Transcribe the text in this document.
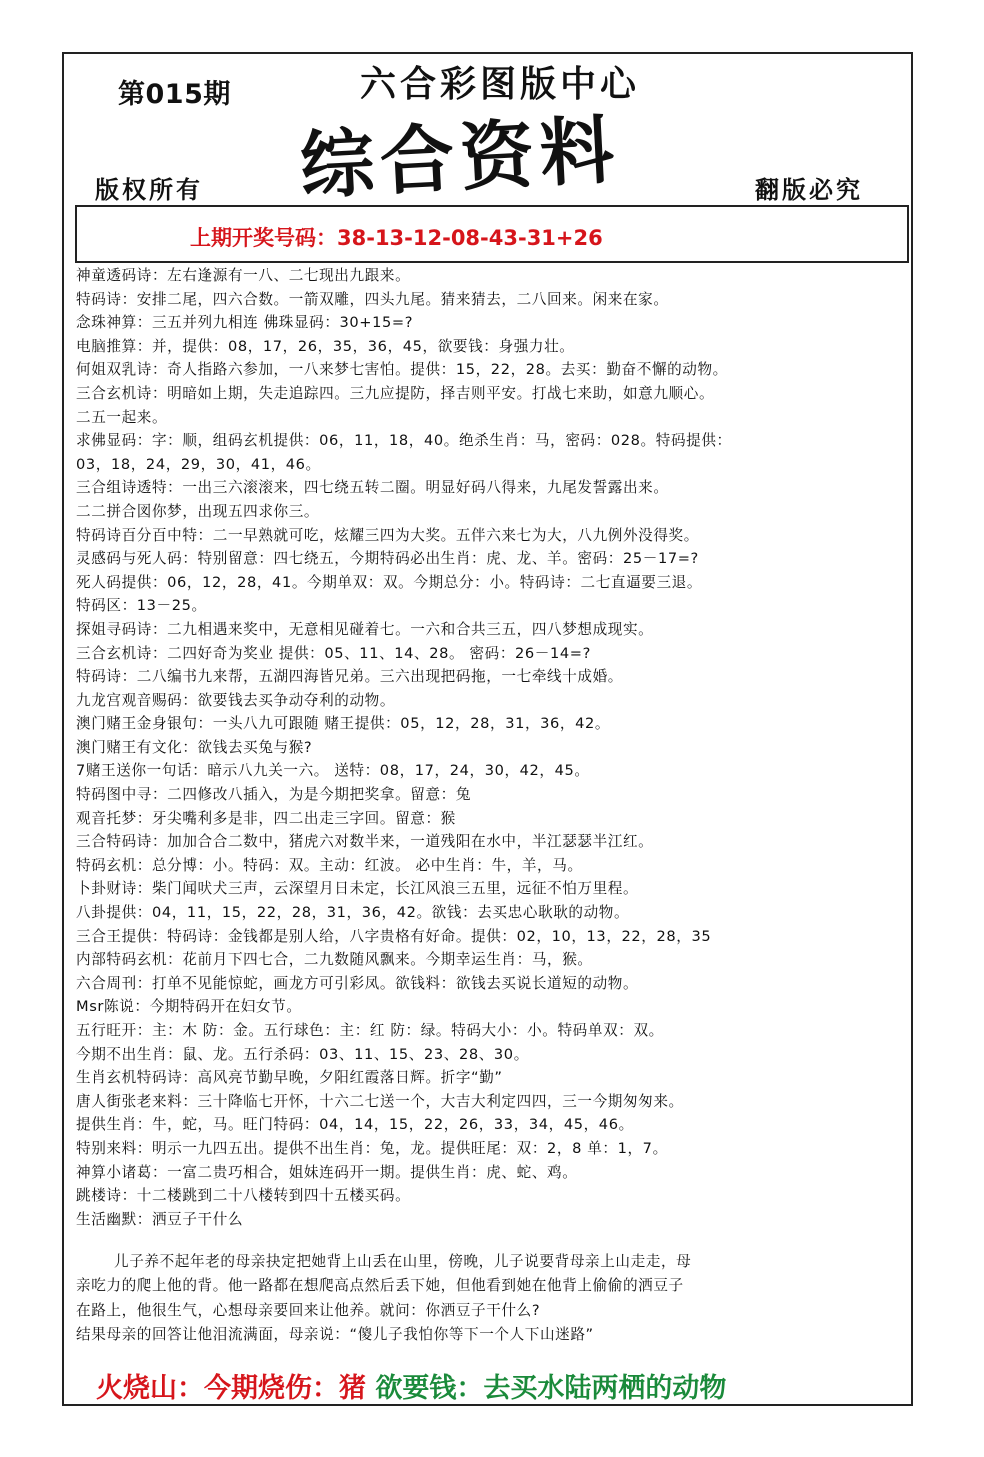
第015期	六合彩图版中心
综合资料
版权所有	翻版必究
上期开奖号码：38-13-12-08-43-31+26
神童透码诗：左右逢源有一八、二七现出九跟来。
特码诗：安排二尾，四六合数。一箭双雕，四头九尾。猜来猜去，二八回来。闲来在家。
念珠神算：三五并列九相连 佛珠显码：30+15=?
电脑推算：并，提供：08，17，26，35，36，45，欲要钱：身强力壮。
何姐双乳诗：奇人指路六参加，一八来梦七害怕。提供：15，22，28。去买：勤奋不懈的动物。
三合玄机诗：明暗如上期，失走追踪四。三九应提防，择吉则平安。打战七来助，如意九顺心。
二五一起来。
求佛显码：字：顺，组码玄机提供：06，11，18，40。绝杀生肖：马，密码：028。特码提供：
03，18，24，29，30，41，46。
三合组诗透特：一出三六滚滚来，四七绕五转二圈。明显好码八得来，九尾发誓露出来。
二二拼合図你梦，出现五四求你三。
特码诗百分百中特：二一早熟就可吃，炫耀三四为大奖。五伴六来七为大，八九例外没得奖。
灵感码与死人码：特别留意：四七绕五，今期特码必出生肖：虎、龙、羊。密码：25－17=?
死人码提供：06，12，28，41。今期单双：双。今期总分：小。特码诗：二七直逼要三退。
特码区：13－25。
探姐寻码诗：二九相遇来奖中，无意相见碰着七。一六和合共三五，四八梦想成现实。
三合玄机诗：二四好奇为奖业 提供：05、11、14、28。 密码：26－14=?
特码诗：二八编书九来帮，五湖四海皆兄弟。三六出现把码拖，一七牵线十成婚。
九龙宫观音赐码：欲要钱去买争动夺利的动物。
澳门赌王金身银句：一头八九可跟随 赌王提供：05，12，28，31，36，42。
澳门赌王有文化：欲钱去买兔与猴?
7赌王送你一句话：暗示八九关一六。 送特：08，17，24，30，42，45。
特码图中寻：二四修改八插入，为是今期把奖拿。留意：兔
观音托梦：牙尖嘴利多是非，四二出走三字回。留意：猴
三合特码诗：加加合合二数中，猪虎六对数半来，一道残阳在水中，半江瑟瑟半江红。
特码玄机：总分博：小。特码：双。主动：红波。 必中生肖：牛，羊，马。
卜卦财诗：柴门闻吠犬三声，云深望月日未定，长江风浪三五里，远征不怕万里程。
八卦提供：04，11，15，22，28，31，36，42。欲钱：去买忠心耿耿的动物。
三合王提供：特码诗：金钱都是别人给，八字贵格有好命。提供：02，10，13，22，28，35
内部特码玄机：花前月下四七合，二九数随风飘来。今期幸运生肖：马，猴。
六合周刊：打单不见能惊蛇，画龙方可引彩凤。欲钱料：欲钱去买说长道短的动物。
Msr陈说：今期特码开在妇女节。
五行旺开：主：木 防：金。五行球色：主：红 防：绿。特码大小：小。特码单双：双。
今期不出生肖：鼠、龙。五行杀码：03、11、15、23、28、30。
生肖玄机特码诗：高风亮节勤早晚，夕阳红霞落日辉。折字“勤”
唐人街张老来料：三十降临七开怀，十六二七送一个，大吉大利定四四，三一今期匆匆来。
提供生肖：牛，蛇，马。旺门特码：04，14，15，22，26，33，34，45，46。
特别来料：明示一九四五出。提供不出生肖：兔，龙。提供旺尾：双：2，8 单：1，7。
神算小诸葛：一富二贵巧相合，姐妹连码开一期。提供生肖：虎、蛇、鸡。
跳楼诗：十二楼跳到二十八楼转到四十五楼买码。
生活幽默：洒豆子干什么
儿子养不起年老的母亲抉定把她背上山丢在山里，傍晚，儿子说要背母亲上山走走，母
亲吃力的爬上他的背。他一路都在想爬高点然后丢下她，但他看到她在他背上偷偷的洒豆子
在路上，他很生气，心想母亲要回来让他养。就问：你洒豆子干什么?
结果母亲的回答让他泪流满面，母亲说：“傻儿子我怕你等下一个人下山迷路”
火烧山：今期烧伤：猪 欲要钱：去买水陆两栖的动物
